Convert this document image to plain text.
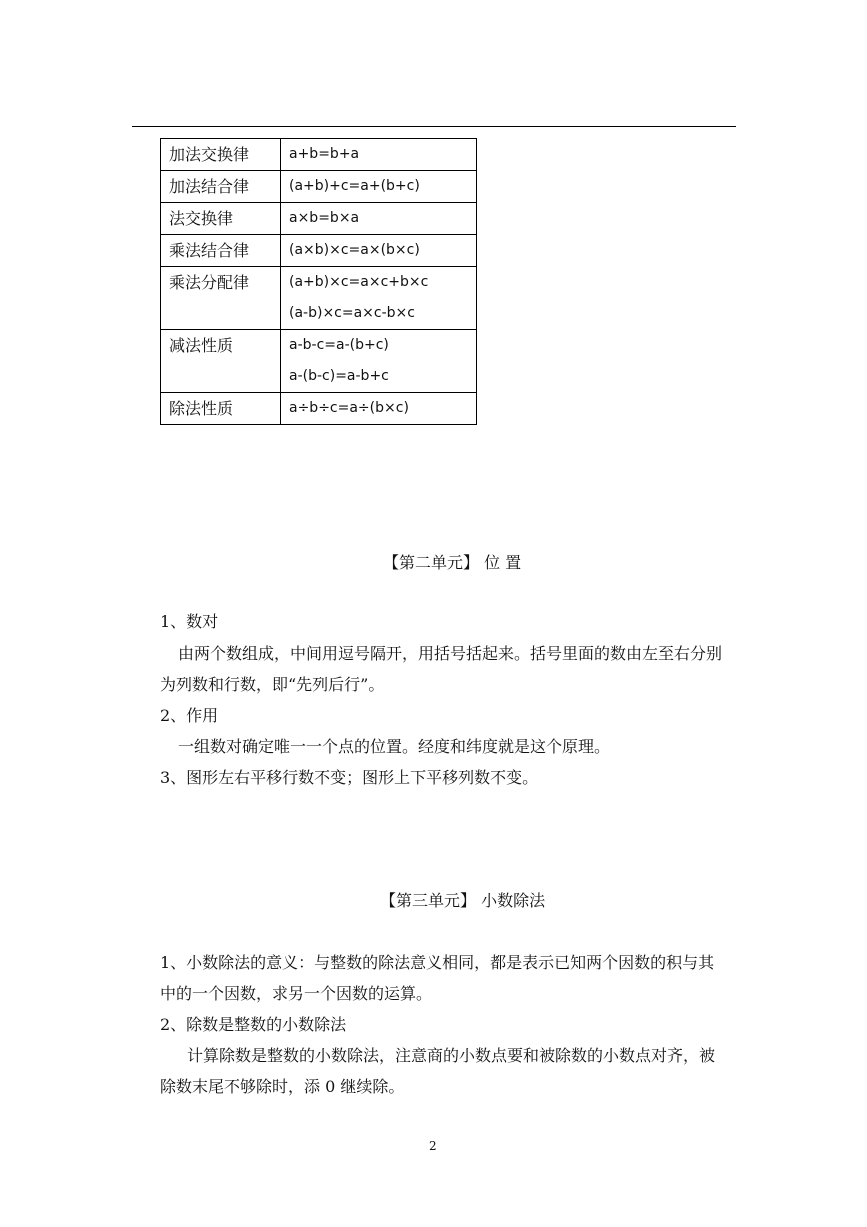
加法交换律	a+b=b+a

加法结合律	(a+b)+c=a+(b+c)

法交换律	a×b=b×a

乘法结合律	(a×b)×c=a×(b×c)

乘法分配律	(a+b)×c=a×c+b×c
(a-b)×c=a×c-b×c

减法性质	a-b-c=a-(b+c)
a-(b-c)=a-b+c

除法性质	a÷b÷c=a÷(b×c)
【第二单元】 位 置
1、数对
由两个数组成，中间用逗号隔开，用括号括起来。括号里面的数由左至右分别
为列数和行数，即“先列后行”。
2、作用
一组数对确定唯一一个点的位置。经度和纬度就是这个原理。
3、图形左右平移行数不变；图形上下平移列数不变。
【第三单元】 小数除法
1、小数除法的意义：与整数的除法意义相同，都是表示已知两个因数的积与其
中的一个因数，求另一个因数的运算。
2、除数是整数的小数除法
计算除数是整数的小数除法，注意商的小数点要和被除数的小数点对齐，被
除数末尾不够除时，添 0 继续除。
2
